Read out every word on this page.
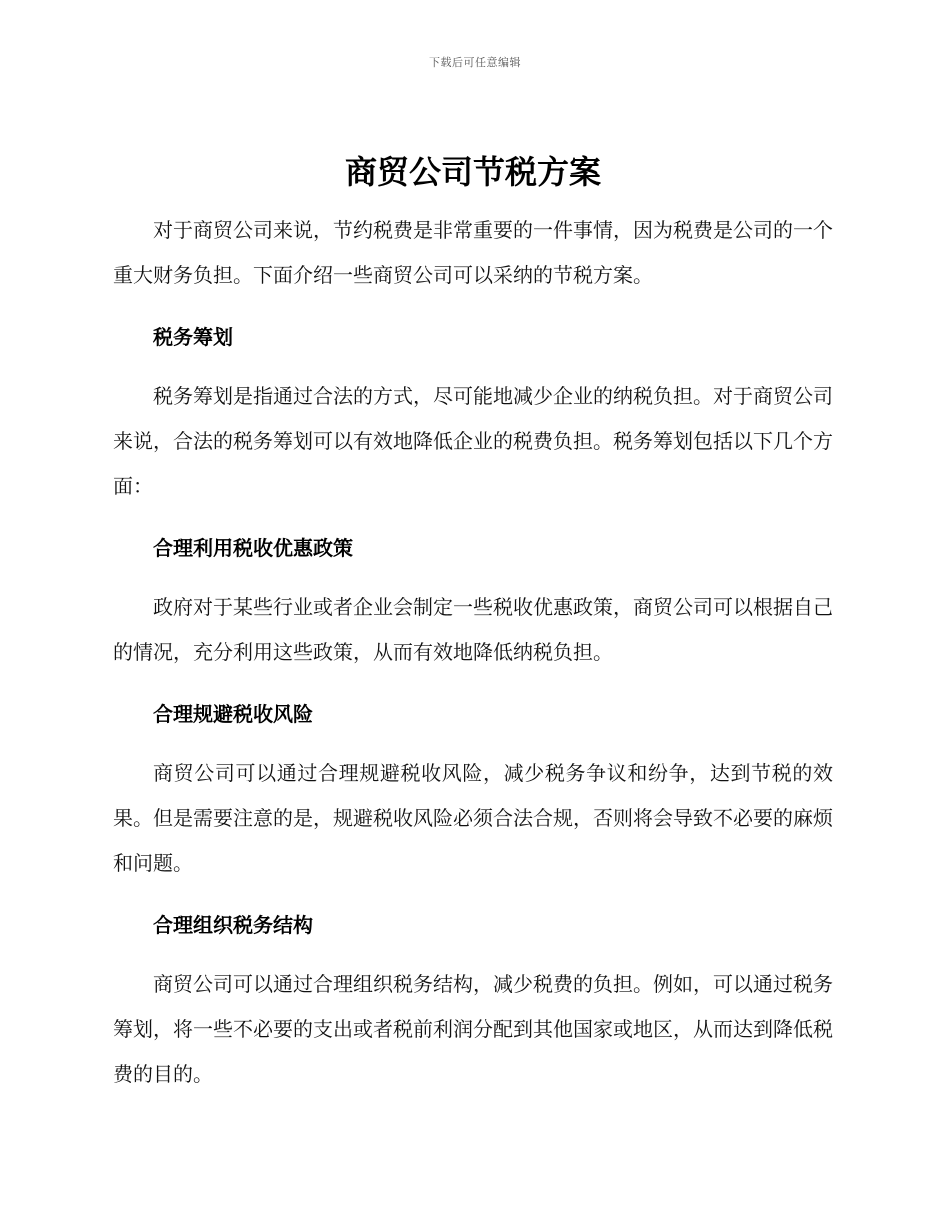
下载后可任意编辑
商贸公司节税方案

对于商贸公司来说，节约税费是非常重要的一件事情，因为税费是公司的一个重大财务负担。下面介绍一些商贸公司可以采纳的节税方案。

税务筹划

税务筹划是指通过合法的方式，尽可能地减少企业的纳税负担。对于商贸公司来说，合法的税务筹划可以有效地降低企业的税费负担。税务筹划包括以下几个方面：

合理利用税收优惠政策

政府对于某些行业或者企业会制定一些税收优惠政策，商贸公司可以根据自己的情况，充分利用这些政策，从而有效地降低纳税负担。

合理规避税收风险

商贸公司可以通过合理规避税收风险，减少税务争议和纷争，达到节税的效果。但是需要注意的是，规避税收风险必须合法合规，否则将会导致不必要的麻烦和问题。

合理组织税务结构

商贸公司可以通过合理组织税务结构，减少税费的负担。例如，可以通过税务筹划，将一些不必要的支出或者税前利润分配到其他国家或地区，从而达到降低税费的目的。
